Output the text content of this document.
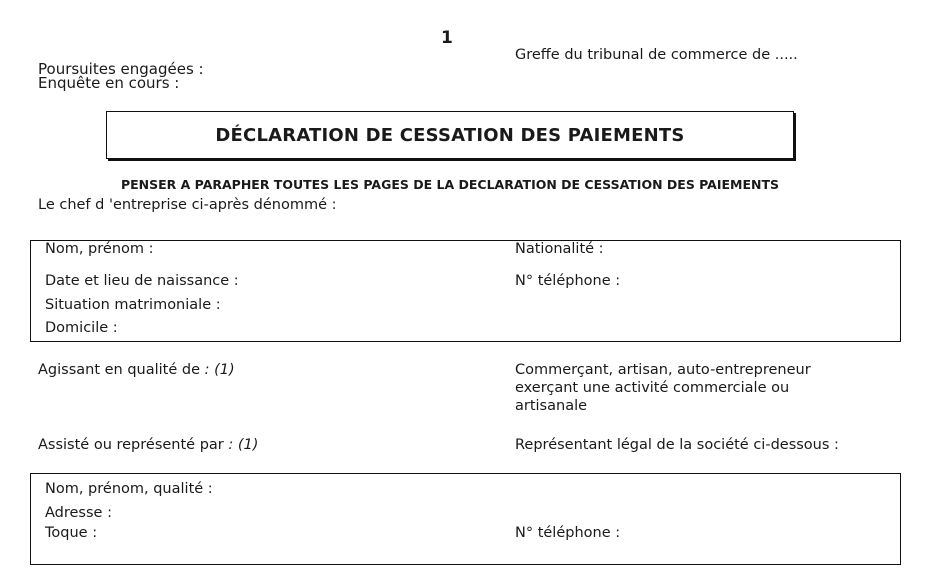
1
Greffe du tribunal de commerce de .....
Poursuites engagées :
Enquête en cours :
DÉCLARATION DE CESSATION DES PAIEMENTS
PENSER A PARAPHER TOUTES LES PAGES DE LA DECLARATION DE CESSATION DES PAIEMENTS
Le chef d 'entreprise ci-après dénommé :
Nom, prénom :	Nationalité :
Date et lieu de naissance :	N° téléphone :
Situation matrimoniale :
Domicile :
Agissant en qualité de : (1)	Commerçant, artisan, auto-entrepreneur
exerçant une activité commerciale ou
artisanale
Assisté ou représenté par : (1)	Représentant légal de la société ci-dessous :
Nom, prénom, qualité :
Adresse :
Toque :	N° téléphone :
